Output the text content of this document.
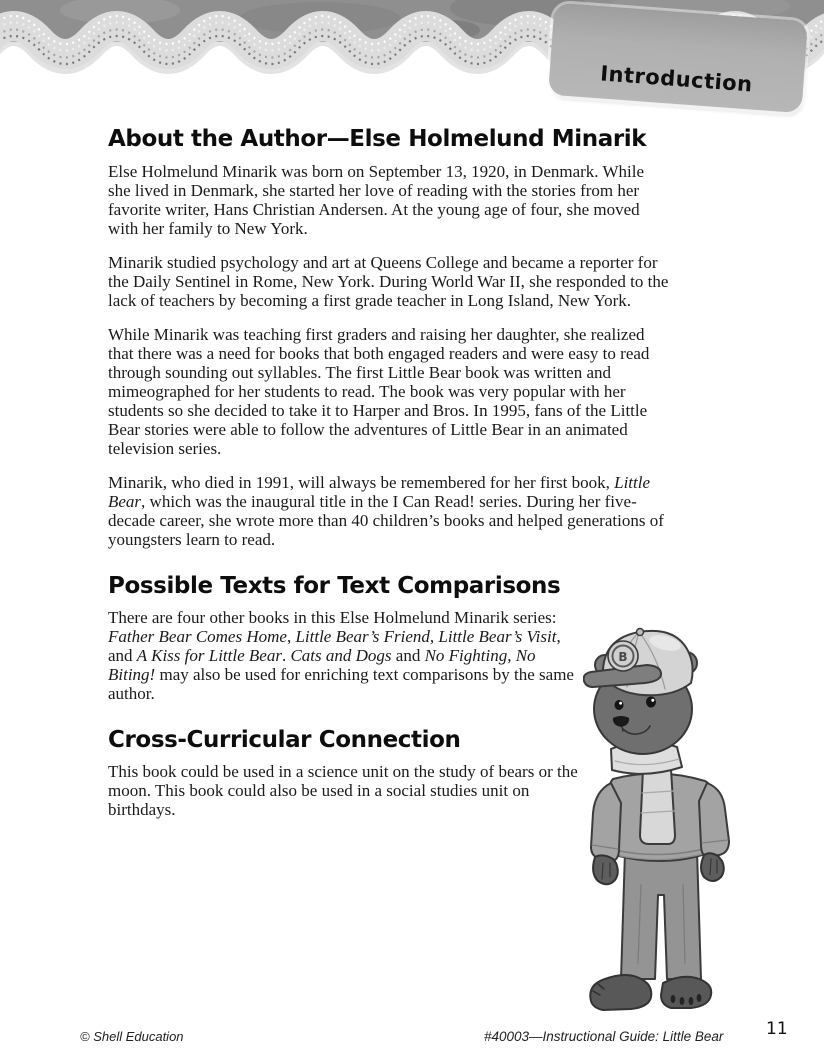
Introduction
About the Author—Else Holmelund Minarik

Else Holmelund Minarik was born on September 13, 1920, in Denmark. While she lived in Denmark, she started her love of reading with the stories from her favorite writer, Hans Christian Andersen. At the young age of four, she moved with her family to New York.

Minarik studied psychology and art at Queens College and became a reporter for the Daily Sentinel in Rome, New York. During World War II, she responded to the lack of teachers by becoming a first grade teacher in Long Island, New York.

While Minarik was teaching first graders and raising her daughter, she realized that there was a need for books that both engaged readers and were easy to read through sounding out syllables. The first Little Bear book was written and mimeographed for her students to read. The book was very popular with her students so she decided to take it to Harper and Bros. In 1995, fans of the Little Bear stories were able to follow the adventures of Little Bear in an animated television series.

Minarik, who died in 1991, will always be remembered for her first book, Little Bear, which was the inaugural title in the I Can Read! series. During her five-decade career, she wrote more than 40 children’s books and helped generations of youngsters learn to read.

Possible Texts for Text Comparisons

There are four other books in this Else Holmelund Minarik series: Father Bear Comes Home, Little Bear’s Friend, Little Bear’s Visit, and A Kiss for Little Bear. Cats and Dogs and No Fighting, No Biting! may also be used for enriching text comparisons by the same author.

Cross-Curricular Connection

This book could be used in a science unit on the study of bears or the moon. This book could also be used in a social studies unit on birthdays.

B
© Shell Education	#40003—Instructional Guide: Little Bear	11
